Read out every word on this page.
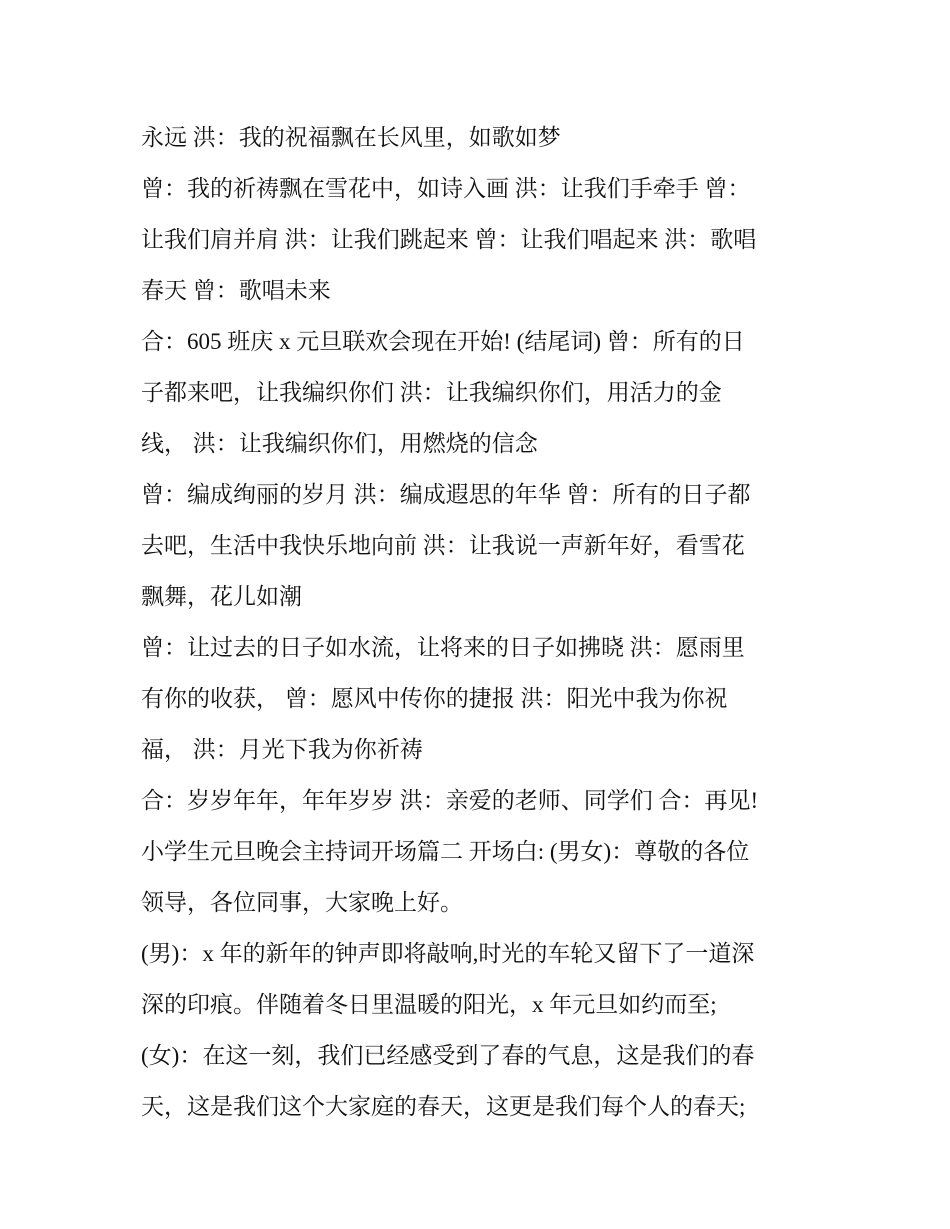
永远 洪：我的祝福飘在长风里，如歌如梦
曾：我的祈祷飘在雪花中，如诗入画 洪：让我们手牵手 曾：
让我们肩并肩 洪：让我们跳起来 曾：让我们唱起来 洪：歌唱
春天 曾：歌唱未来
合：605 班庆 x 元旦联欢会现在开始! (结尾词) 曾：所有的日
子都来吧，让我编织你们 洪：让我编织你们，用活力的金
线， 洪：让我编织你们，用燃烧的信念
曾：编成绚丽的岁月 洪：编成遐思的年华 曾：所有的日子都
去吧，生活中我快乐地向前 洪：让我说一声新年好，看雪花
飘舞，花儿如潮
曾：让过去的日子如水流，让将来的日子如拂晓 洪：愿雨里
有你的收获， 曾：愿风中传你的捷报 洪：阳光中我为你祝
福， 洪：月光下我为你祈祷
合：岁岁年年，年年岁岁 洪：亲爱的老师、同学们 合：再见!
小学生元旦晚会主持词开场篇二 开场白: (男女)：尊敬的各位
领导，各位同事，大家晚上好。
(男)：x 年的新年的钟声即将敲响,时光的车轮又留下了一道深
深的印痕。伴随着冬日里温暖的阳光，x 年元旦如约而至;
(女)：在这一刻，我们已经感受到了春的气息，这是我们的春
天，这是我们这个大家庭的春天，这更是我们每个人的春天;
